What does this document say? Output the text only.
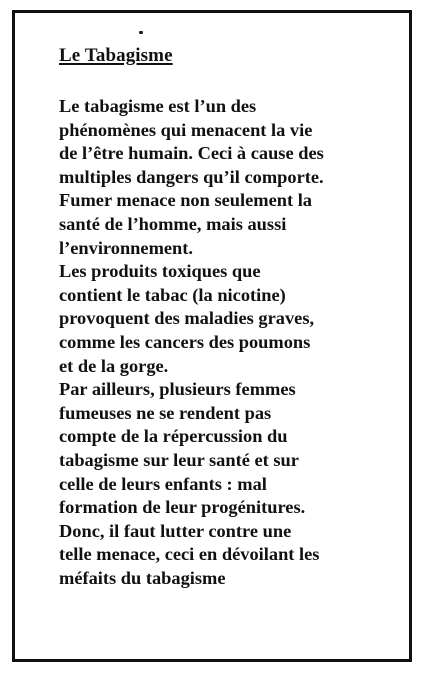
Le Tabagisme
Le tabagisme est l’un des
phénomènes qui menacent la vie
de l’être humain. Ceci à cause des
multiples dangers qu’il comporte.
Fumer menace non seulement la
santé de l’homme, mais aussi
l’environnement.
Les produits toxiques que
contient le tabac (la nicotine)
provoquent des maladies graves,
comme les cancers des poumons
et de la gorge.
Par ailleurs, plusieurs femmes
fumeuses ne se rendent pas
compte de la répercussion du
tabagisme sur leur santé et sur
celle de leurs enfants : mal
formation de leur progénitures.
Donc, il faut lutter contre une
telle menace, ceci en dévoilant les
méfaits du tabagisme
